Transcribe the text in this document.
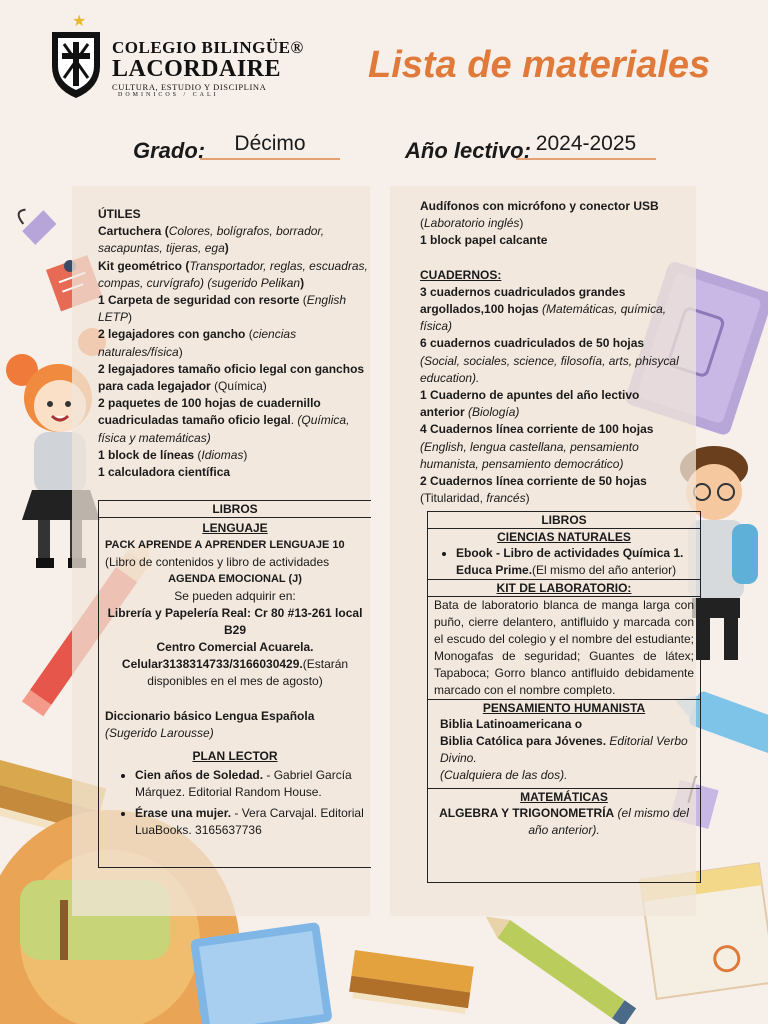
★
COLEGIO BILINGÜE®
LACORDAIRE
CULTURA, ESTUDIO Y DISCIPLINA
DOMINICOS / CALI
Lista de materiales
Grado:	Décimo	Año lectivo: 2024-2025

ÚTILES

Cartuchera (Colores, bolígrafos, borrador, sacapuntas, tijeras, ega)

Kit geométrico (Transportador, reglas, escuadras, compas, curvígrafo) (sugerido Pelikan)

1 Carpeta de seguridad con resorte (English LETP)

2 legajadores con gancho (ciencias naturales/física)

2 legajadores tamaño oficio legal con ganchos para cada legajador (Química)

2 paquetes de 100 hojas de cuadernillo cuadriculadas tamaño oficio legal. (Química, física y matemáticas)

1 block de líneas (Idiomas)

1 calculadora científica

LIBROS

LENGUAJE

PACK APRENDE A APRENDER LENGUAJE 10

(Libro de contenidos y libro de actividades

AGENDA EMOCIONAL (J)

Se pueden adquirir en:

Librería y Papelería Real: Cr 80 #13-261 local B29

Centro Comercial Acuarela.

Celular3138314733/3166030429.(Estarán disponibles en el mes de agosto)

Diccionario básico Lengua Española (Sugerido Larousse)

PLAN LECTOR

• Cien años de Soledad. - Gabriel García Márquez. Editorial Random House.
• Érase una mujer. - Vera Carvajal. Editorial LuaBooks. 3165637736

Audífonos con micrófono y conector USB

(Laboratorio inglés)

1 block papel calcante

CUADERNOS:

3 cuadernos cuadriculados grandes argollados,100 hojas (Matemáticas, química, física)

6 cuadernos cuadriculados de 50 hojas
(Social, sociales, science, filosofía, arts, phisycal education).

1 Cuaderno de apuntes del año lectivo anterior (Biología)

4 Cuadernos línea corriente de 100 hojas
(English, lengua castellana, pensamiento humanista, pensamiento democrático)

2 Cuadernos línea corriente de 50 hojas
(Titularidad, francés)

LIBROS
CIENCIAS NATURALES
• Ebook - Libro de actividades Química 1. Educa Prime.(El mismo del año anterior)
KIT DE LABORATORIO:

Bata de laboratorio blanca de manga larga con puño, cierre delantero, antifluido y marcada con el escudo del colegio y el nombre del estudiante; Monogafas de seguridad; Guantes de látex; Tapaboca; Gorro blanco antifluido debidamente marcado con el nombre completo.

PENSAMIENTO HUMANISTA

Biblia Latinoamericana o

Biblia Católica para Jóvenes. Editorial Verbo Divino.

(Cualquiera de las dos).

MATEMÁTICAS

ALGEBRA Y TRIGONOMETRÍA (el mismo del año anterior).
